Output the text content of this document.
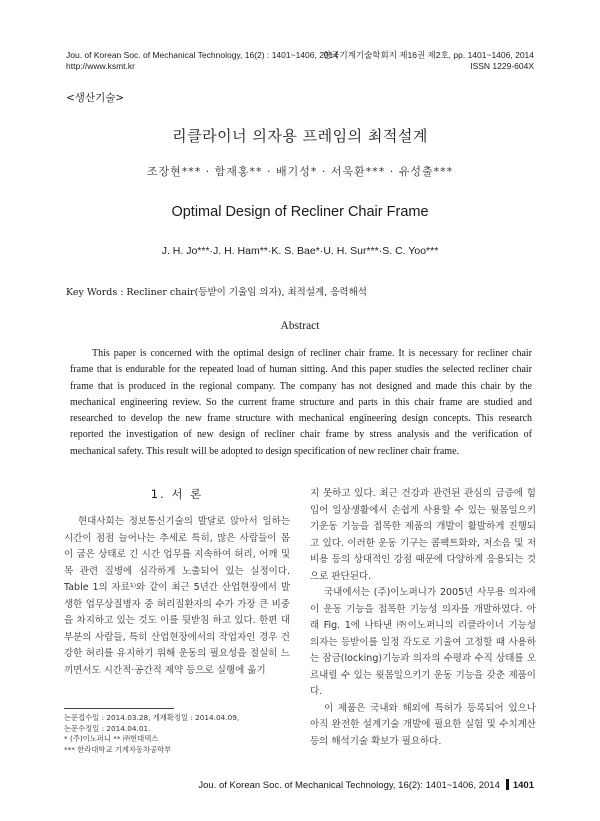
Jou. of Korean Soc. of Mechanical Technology, 16(2) : 1401~1406, 2014
http://www.ksmt.kr
한국기계기술학회지 제16권 제2호, pp. 1401~1406, 2014
ISSN 1229-604X
<생산기술>
리클라이너 의자용 프레임의 최적설계
조장현*** · 함재홍** · 배기성* · 서욱환*** · 유성출***
Optimal Design of Recliner Chair Frame
J. H. Jo***·J. H. Ham**·K. S. Bae*·U. H. Sur***·S. C. Yoo***
Key Words : Recliner chair(등받이 기울임 의자), 최적설계, 응력해석
Abstract

This paper is concerned with the optimal design of recliner chair frame. It is necessary for recliner chair frame that is endurable for the repeated load of human sitting. And this paper studies the selected recliner chair frame that is produced in the regional company. The company has not designed and made this chair by the mechanical engineering review. So the current frame structure and parts in this chair frame are studied and researched to develop the new frame structure with mechanical engineering design concepts. This research reported the investigation of new design of recliner chair frame by stress analysis and the verification of mechanical safety. This result will be adopted to design specification of new recliner chair frame.

1. 서 론

현대사회는 정보통신기술의 발달로 앉아서 일하는 시간이 점점 늘어나는 추세로 특히, 많은 사람들이 몸이 굽은 상태로 긴 시간 업무를 지속하여 허리, 어깨 및 목 관련 질병에 심각하게 노출되어 있는 실정이다. Table 1의 자료¹⁾와 같이 최근 5년간 산업현장에서 발생한 업무상질병자 중 허리질환자의 수가 가장 큰 비중을 차지하고 있는 것도 이를 뒷받침 하고 있다. 한편 대부분의 사람들, 특히 산업현장에서의 작업자인 경우 건강한 허리를 유지하기 위해 운동의 필요성을 절실히 느끼면서도 시간적·공간적 제약 등으로 실행에 옮기

지 못하고 있다. 최근 건강과 관련된 관심의 급증에 힘입어 일상생활에서 손쉽게 사용할 수 있는 윗몸일으키기운동 기능을 접목한 제품의 개발이 활발하게 진행되고 있다. 이러한 운동 기구는 콤팩트화와, 저소음 및 저비용 등의 상대적인 강점 때문에 다양하게 응용되는 것으로 판단된다.

국내에서는 (주)이노퍼니가 2005년 사무용 의자에 이 운동 기능을 접목한 기능성 의자를 개발하였다. 아래 Fig. 1에 나타낸 ㈜이노퍼니의 리클라이너 기능성 의자는 등받이를 일정 각도로 기울여 고정할 때 사용하는 잠금(locking)기능과 의자의 수평과 수직 상태를 오르내릴 수 있는 윗몸일으키기 운동 기능을 갖춘 제품이다.

이 제품은 국내와 해외에 특허가 등록되어 있으나 아직 완전한 설계기술 개발에 필요한 실험 및 수치계산 등의 해석기술 확보가 필요하다.

논문접수일 : 2014.03.28, 게재확정일 : 2014.04.09,
논문수정일 : 2014.04.01.
* (주)이노퍼니 ** ㈜현대덱스
*** 한라대학교 기계자동차공학부
Jou. of Korean Soc. of Mechanical Technology, 16(2): 1401~1406, 2014 1401
